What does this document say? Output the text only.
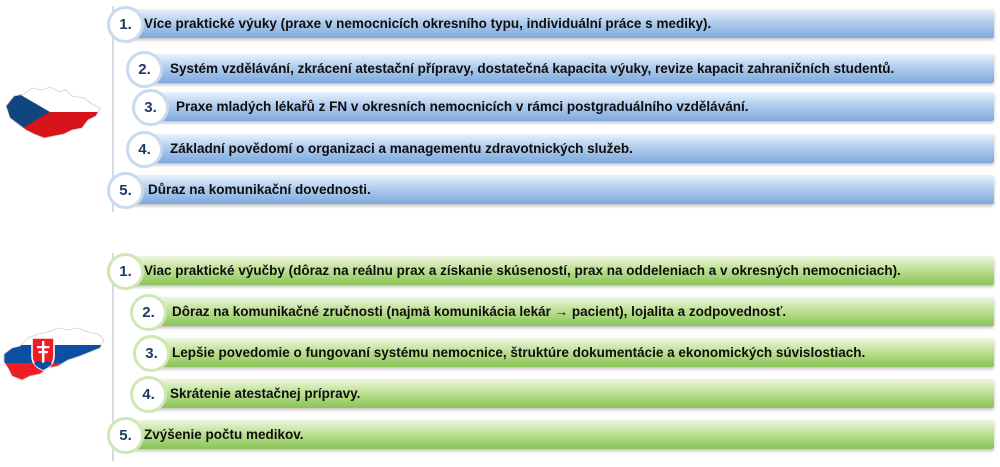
Více praktické výuky (praxe v nemocnicích okresního typu, individuální práce s mediky).
1.
Systém vzdělávání, zkrácení atestační přípravy, dostatečná kapacita výuky, revize kapacit zahraničních studentů.
2.
Praxe mladých lékařů z FN v okresních nemocnicích v rámci postgraduálního vzdělávání.
3.
Základní povědomí o organizaci a managementu zdravotnických služeb.
4.
Důraz na komunikační dovednosti.
5.
Viac praktické výučby (dôraz na reálnu prax a získanie skúseností, prax na oddeleniach a v okresných nemocniciach).
1.
Dôraz na komunikačné zručnosti (najmä komunikácia lekár → pacient), lojalita a zodpovednosť.
2.
Lepšie povedomie o fungovaní systému nemocnice, štruktúre dokumentácie a ekonomických súvislostiach.
3.
Skrátenie atestačnej prípravy.
4.
Zvýšenie počtu medikov.
5.
